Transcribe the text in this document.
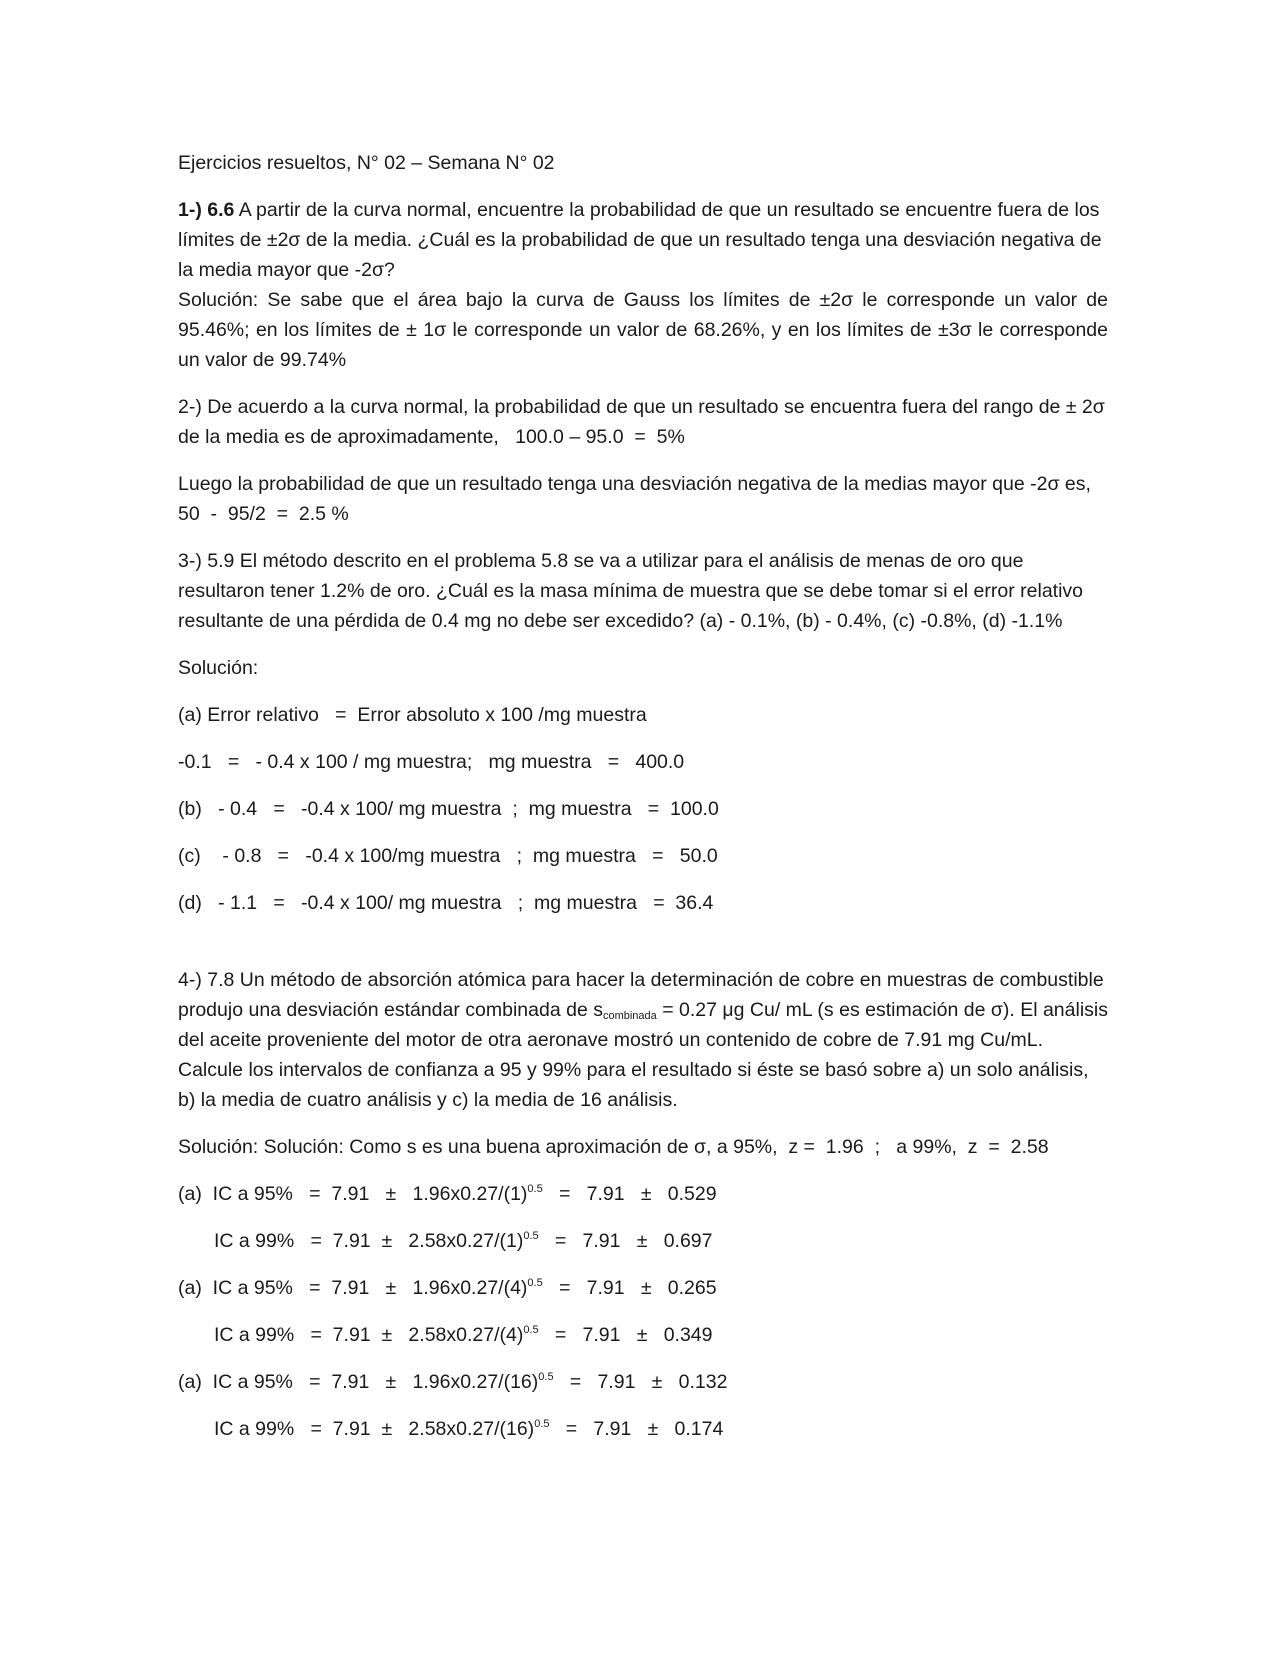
Ejercicios resueltos, N° 02 – Semana N° 02

1-) 6.6 A partir de la curva normal, encuentre la probabilidad de que un resultado se encuentre fuera de los límites de ±2σ de la media. ¿Cuál es la probabilidad de que un resultado tenga una desviación negativa de la media mayor que -2σ?

Solución: Se sabe que el área bajo la curva de Gauss los límites de ±2σ le corresponde un valor de 95.46%; en los límites de ± 1σ le corresponde un valor de 68.26%, y en los límites de ±3σ le corresponde un valor de 99.74%

2-) De acuerdo a la curva normal, la probabilidad de que un resultado se encuentra fuera del rango de ± 2σ de la media es de aproximadamente,   100.0 – 95.0  =  5%

Luego la probabilidad de que un resultado tenga una desviación negativa de la medias mayor que -2σ es,  50  -  95/2  =  2.5 %

3-) 5.9 El método descrito en el problema 5.8 se va a utilizar para el análisis de menas de oro que resultaron tener 1.2% de oro. ¿Cuál es la masa mínima de muestra que se debe tomar si el error relativo resultante de una pérdida de 0.4 mg no debe ser excedido? (a) - 0.1%, (b) - 0.4%, (c) -0.8%, (d) -1.1%

Solución:

(a) Error relativo   =  Error absoluto x 100 /mg muestra

-0.1   =   - 0.4 x 100 / mg muestra;   mg muestra   =   400.0

(b)   - 0.4   =   -0.4 x 100/ mg muestra  ;  mg muestra   =  100.0

(c)    - 0.8   =   -0.4 x 100/mg muestra   ;  mg muestra   =   50.0

(d)   - 1.1   =   -0.4 x 100/ mg muestra   ;  mg muestra   =  36.4

4-) 7.8 Un método de absorción atómica para hacer la determinación de cobre en muestras de combustible produjo una desviación estándar combinada de $s_{combinada} = 0.27$ μg Cu/ mL (s es estimación de σ). El análisis del aceite proveniente del motor de otra aeronave mostró un contenido de cobre de 7.91 mg Cu/mL. Calcule los intervalos de confianza a 95 y 99% para el resultado si éste se basó sobre a) un solo análisis, b) la media de cuatro análisis y c) la media de 16 análisis.

Solución: Solución: Como s es una buena aproximación de σ, a 95%,  z =  1.96  ;   a 99%,  z  =  2.58

(a)  IC a $95\% = 7.91 \pm 1.96x0.27/(1)^{0.5} = 7.91 \pm 0.529$

IC a $99\% = 7.91 \pm 2.58x0.27/(1)^{0.5} = 7.91 \pm 0.697$

(a)  IC a $95\% = 7.91 \pm 1.96x0.27/(4)^{0.5} = 7.91 \pm 0.265$

IC a $99\% = 7.91 \pm 2.58x0.27/(4)^{0.5} = 7.91 \pm 0.349$

(a)  IC a $95\% = 7.91 \pm 1.96x0.27/(16)^{0.5} = 7.91 \pm 0.132$

IC a $99\% = 7.91 \pm 2.58x0.27/(16)^{0.5} = 7.91 \pm 0.174$
